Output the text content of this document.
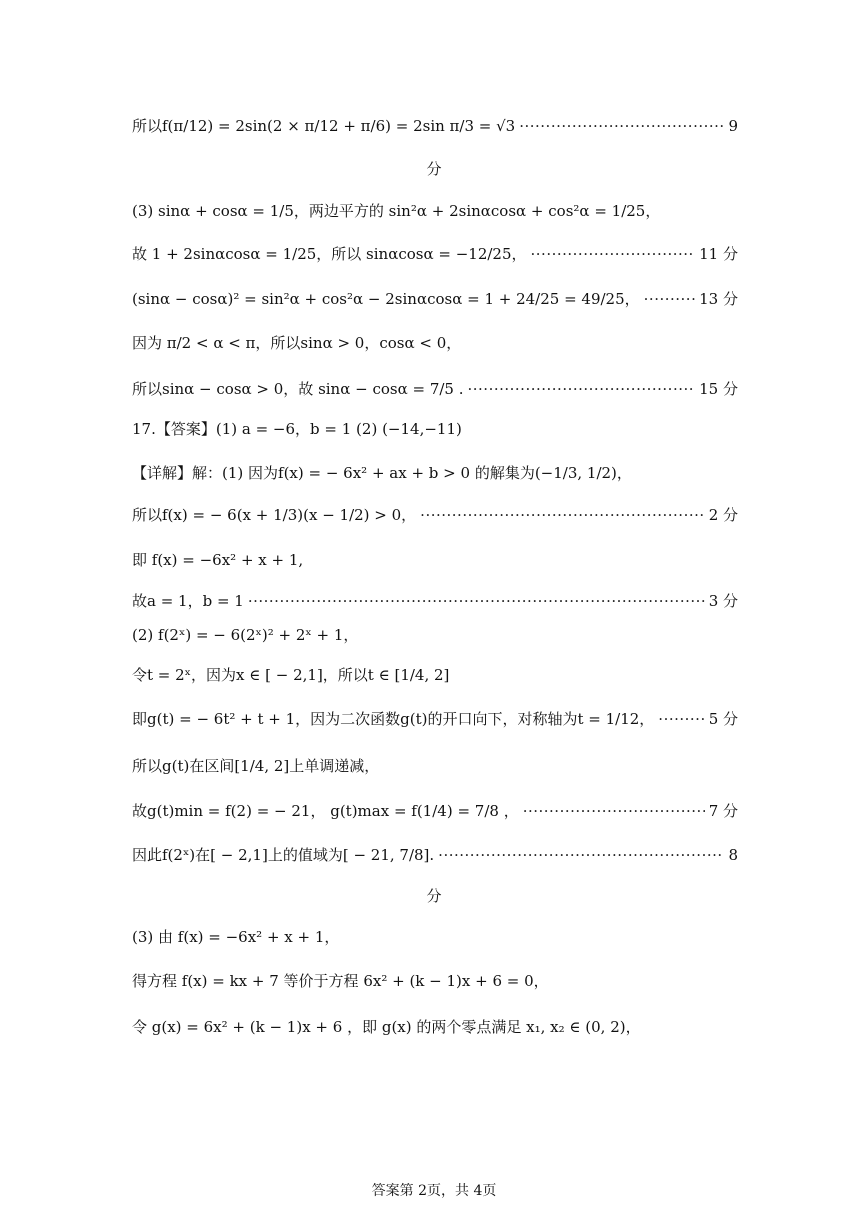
所以f(π/12) = 2sin(2 × π/12 + π/6) = 2sin π/3 = √3 ·····	9
分
(3) sinα + cosα = 1/5，两边平方的 sin²α + 2sinαcosα + cos²α = 1/25，
故 1 + 2sinαcosα = 1/25，所以 sinαcosα = −12/25， ·····	11 分
(sinα − cosα)² = sin²α + cos²α − 2sinαcosα = 1 + 24/25 = 49/25， ·····	13 分
因为 π/2 < α < π，所以sinα > 0，cosα < 0，
所以sinα − cosα > 0，故 sinα − cosα = 7/5 . ·····	15 分
17.【答案】(1) a = −6，b = 1 (2) (−14,−11)
【详解】解：(1) 因为f(x) = − 6x² + ax + b > 0 的解集为(−1/3, 1/2)，
所以f(x) = − 6(x + 1/3)(x − 1/2) > 0， ·····	2 分
即 f(x) = −6x² + x + 1,
故a = 1，b = 1 ·····	3 分
(2) f(2ˣ) = − 6(2ˣ)² + 2ˣ + 1，
令t = 2ˣ，因为x ∈ [ − 2,1]，所以t ∈ [1/4, 2]
即g(t) = − 6t² + t + 1，因为二次函数g(t)的开口向下，对称轴为t = 1/12， ·····	5 分
所以g(t)在区间[1/4, 2]上单调递减，
故g(t)min = f(2) = − 21， g(t)max = f(1/4) = 7/8 ， ·····	7 分
因此f(2ˣ)在[ − 2,1]上的值域为[ − 21, 7/8]. ·····	8
分
(3) 由 f(x) = −6x² + x + 1，
得方程 f(x) = kx + 7 等价于方程 6x² + (k − 1)x + 6 = 0，
令 g(x) = 6x² + (k − 1)x + 6 ，即 g(x) 的两个零点满足 x₁, x₂ ∈ (0, 2)，
答案第 2页，共 4页
